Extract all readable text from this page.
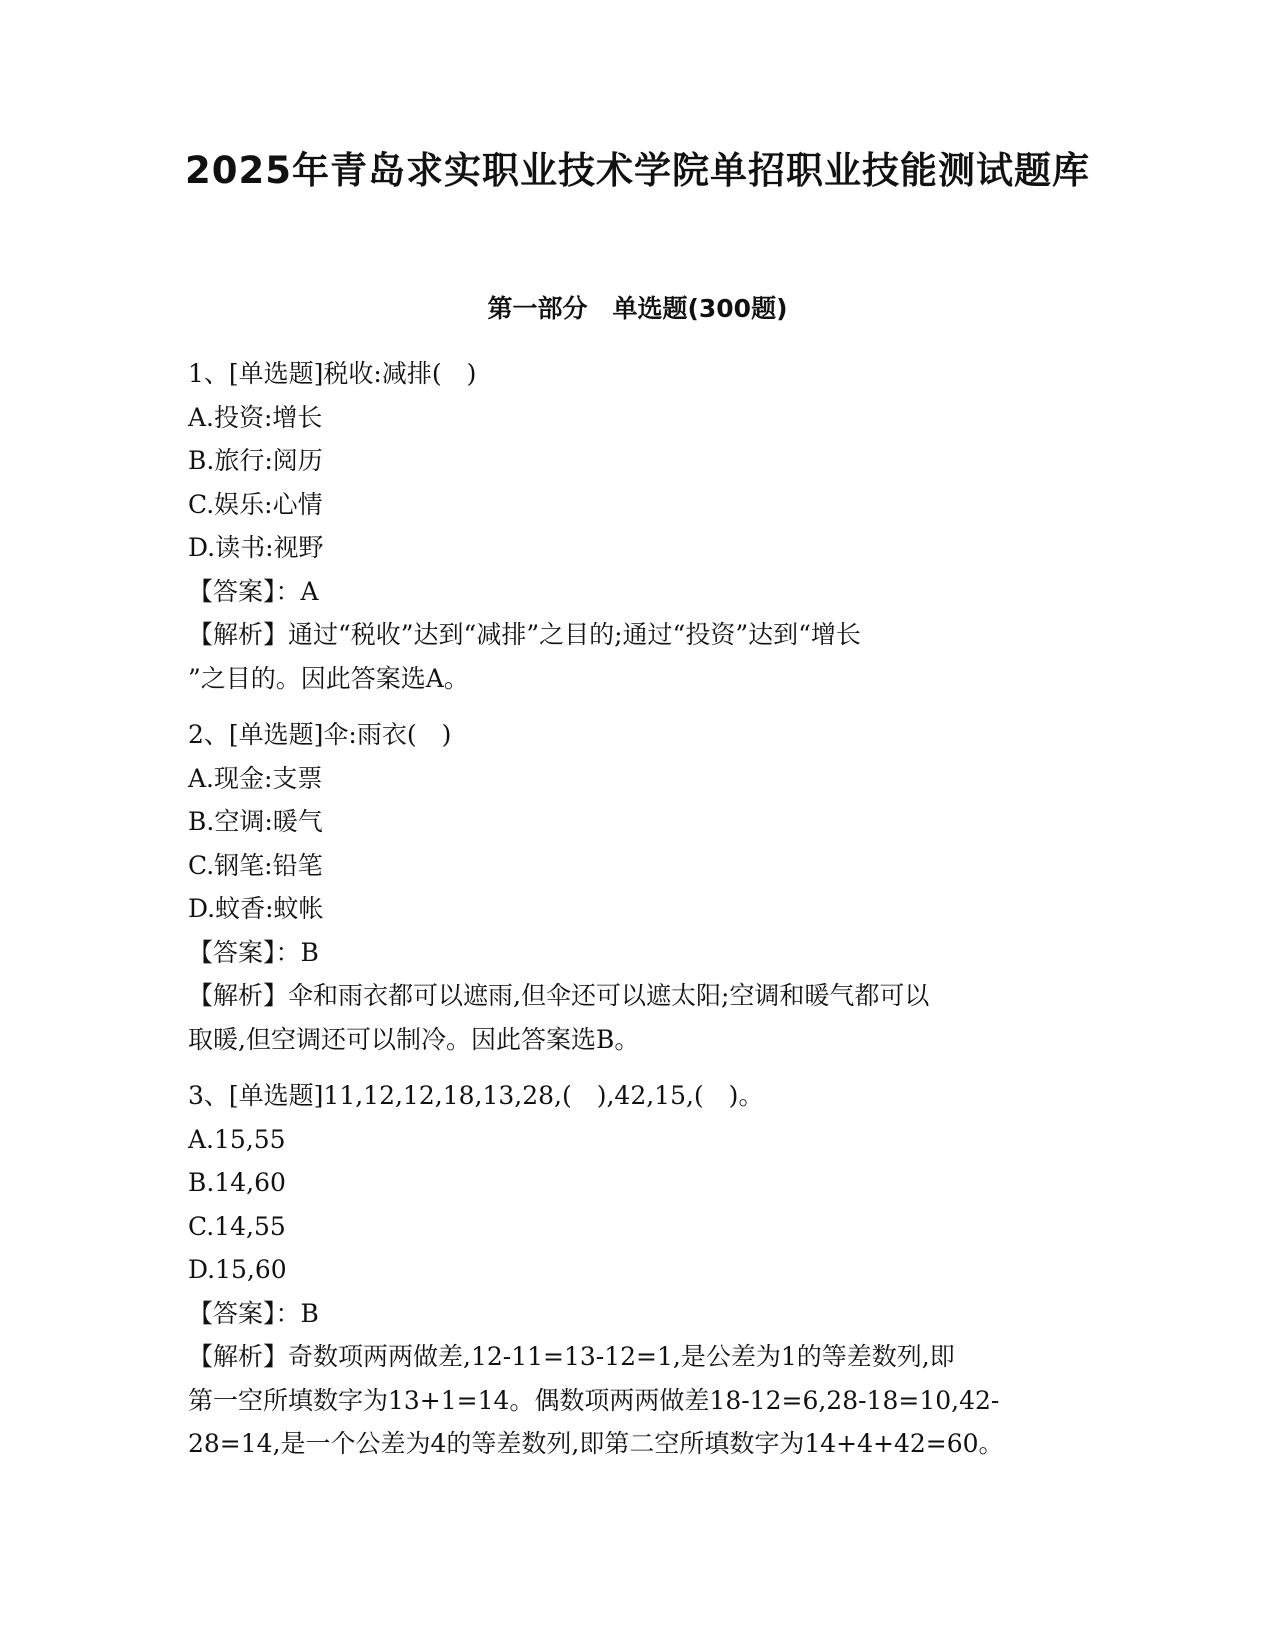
2025年青岛求实职业技术学院单招职业技能测试题库
第一部分　单选题(300题)
1、[单选题]税收:减排(　)
A.投资:增长
B.旅行:阅历
C.娱乐:心情
D.读书:视野
【答案】：A
【解析】通过“税收”达到“减排”之目的;通过“投资”达到“增长
”之目的。因此答案选A。
2、[单选题]伞:雨衣(　)
A.现金:支票
B.空调:暖气
C.钢笔:铅笔
D.蚊香:蚊帐
【答案】：B
【解析】伞和雨衣都可以遮雨,但伞还可以遮太阳;空调和暖气都可以
取暖,但空调还可以制冷。因此答案选B。
3、[单选题]11,12,12,18,13,28,(　),42,15,(　)。
A.15,55
B.14,60
C.14,55
D.15,60
【答案】：B
【解析】奇数项两两做差,12-11=13-12=1,是公差为1的等差数列,即
第一空所填数字为13+1=14。偶数项两两做差18-12=6,28-18=10,42-
28=14,是一个公差为4的等差数列,即第二空所填数字为14+4+42=60。
